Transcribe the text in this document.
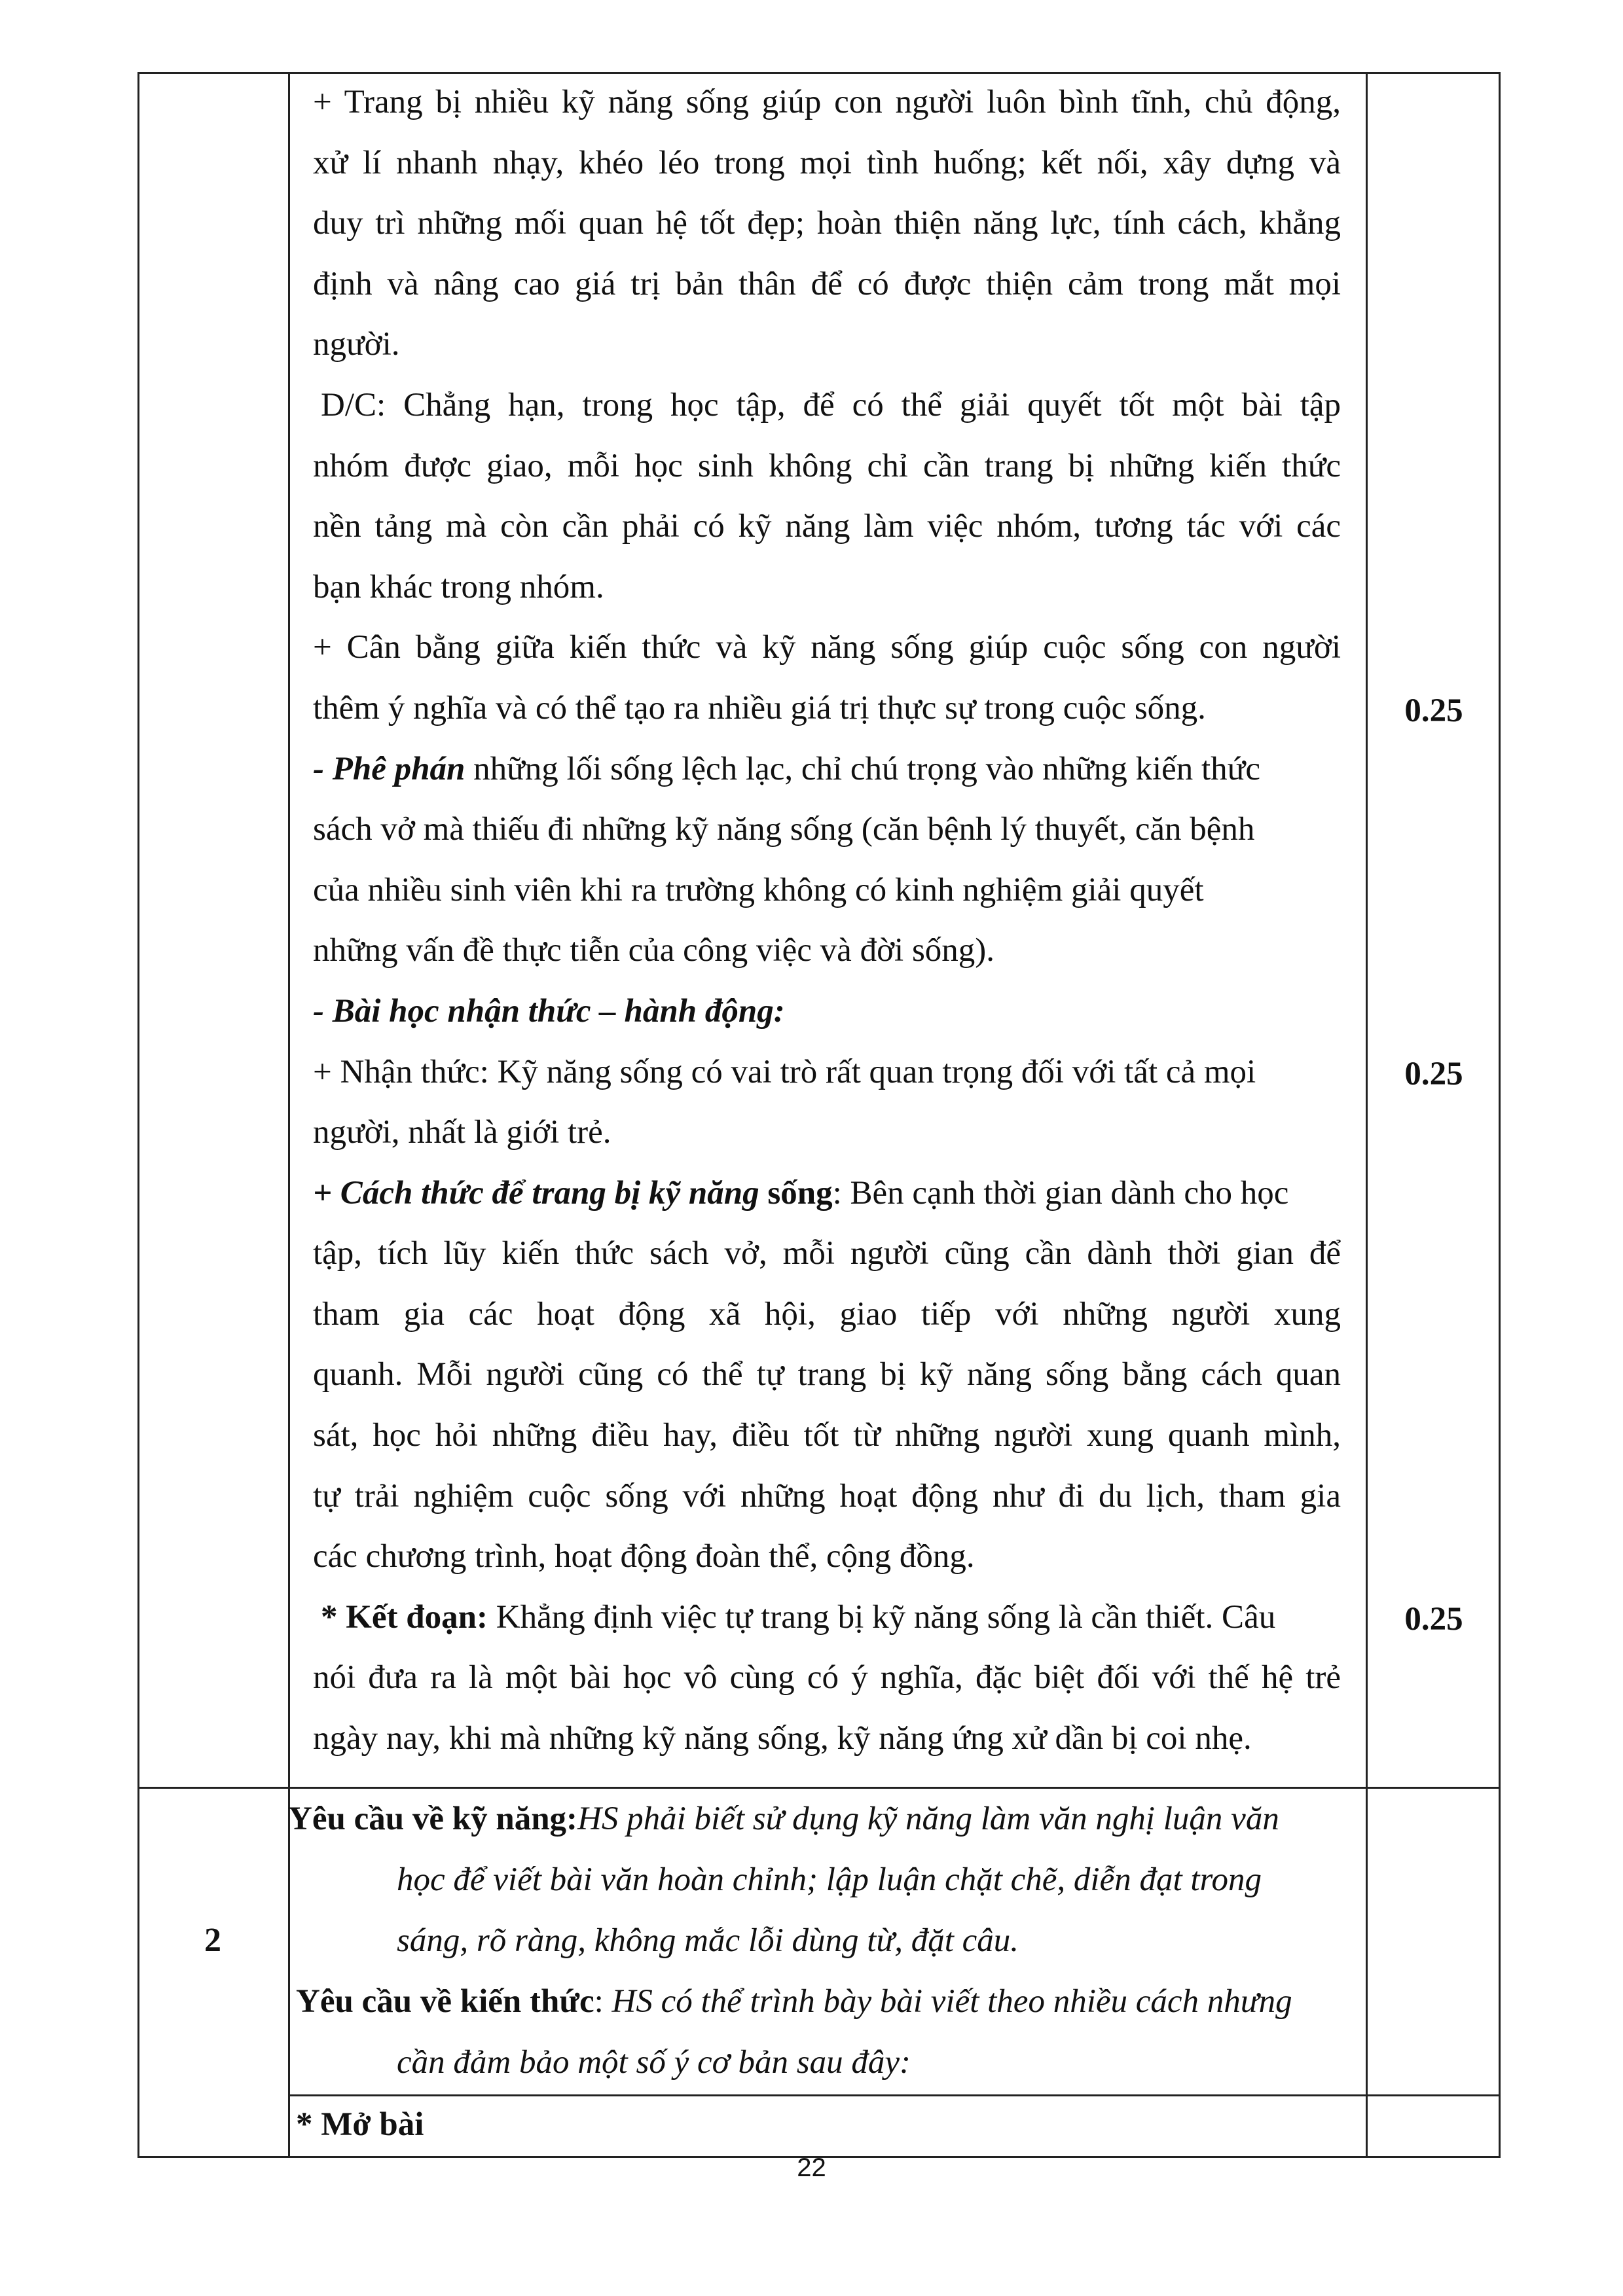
+ Trang bị nhiều kỹ năng sống giúp con người luôn bình tĩnh, chủ động,
xử lí nhanh nhạy, khéo léo trong mọi tình huống; kết nối, xây dựng và
duy trì những mối quan hệ tốt đẹp; hoàn thiện năng lực, tính cách, khẳng
định và nâng cao giá trị bản thân để có được thiện cảm trong mắt mọi
người.
D/C: Chẳng hạn, trong học tập, để có thể giải quyết tốt một bài tập
nhóm được giao, mỗi học sinh không chỉ cần trang bị những kiến thức
nền tảng mà còn cần phải có kỹ năng làm việc nhóm, tương tác với các
bạn khác trong nhóm.
+ Cân bằng giữa kiến thức và kỹ năng sống giúp cuộc sống con người
thêm ý nghĩa và có thể tạo ra nhiều giá trị thực sự trong cuộc sống.
- Phê phán những lối sống lệch lạc, chỉ chú trọng vào những kiến thức
sách vở mà thiếu đi những kỹ năng sống (căn bệnh lý thuyết, căn bệnh
của nhiều sinh viên khi ra trường không có kinh nghiệm giải quyết
những vấn đề thực tiễn của công việc và đời sống).
- Bài học nhận thức – hành động:
+ Nhận thức: Kỹ năng sống có vai trò rất quan trọng đối với tất cả mọi
người, nhất là giới trẻ.
+ Cách thức để trang bị kỹ năng sống: Bên cạnh thời gian dành cho học
tập, tích lũy kiến thức sách vở, mỗi người cũng cần dành thời gian để
tham gia các hoạt động xã hội, giao tiếp với những người xung
quanh. Mỗi người cũng có thể tự trang bị kỹ năng sống bằng cách quan
sát, học hỏi những điều hay, điều tốt từ những người xung quanh mình,
tự trải nghiệm cuộc sống với những hoạt động như đi du lịch, tham gia
các chương trình, hoạt động đoàn thể, cộng đồng.
* Kết đoạn: Khẳng định việc tự trang bị kỹ năng sống là cần thiết. Câu
nói đưa ra là một bài học vô cùng có ý nghĩa, đặc biệt đối với thế hệ trẻ
ngày nay, khi mà những kỹ năng sống, kỹ năng ứng xử dần bị coi nhẹ.
0.25
0.25
0.25
2
Yêu cầu về kỹ năng:HS phải biết sử dụng kỹ năng làm văn nghị luận văn
học để viết bài văn hoàn chỉnh; lập luận chặt chẽ, diễn đạt trong
sáng, rõ ràng, không mắc lỗi dùng từ, đặt câu.
Yêu cầu về kiến thức: HS có thể trình bày bài viết theo nhiều cách nhưng
cần đảm bảo một số ý cơ bản sau đây:
* Mở bài
22
